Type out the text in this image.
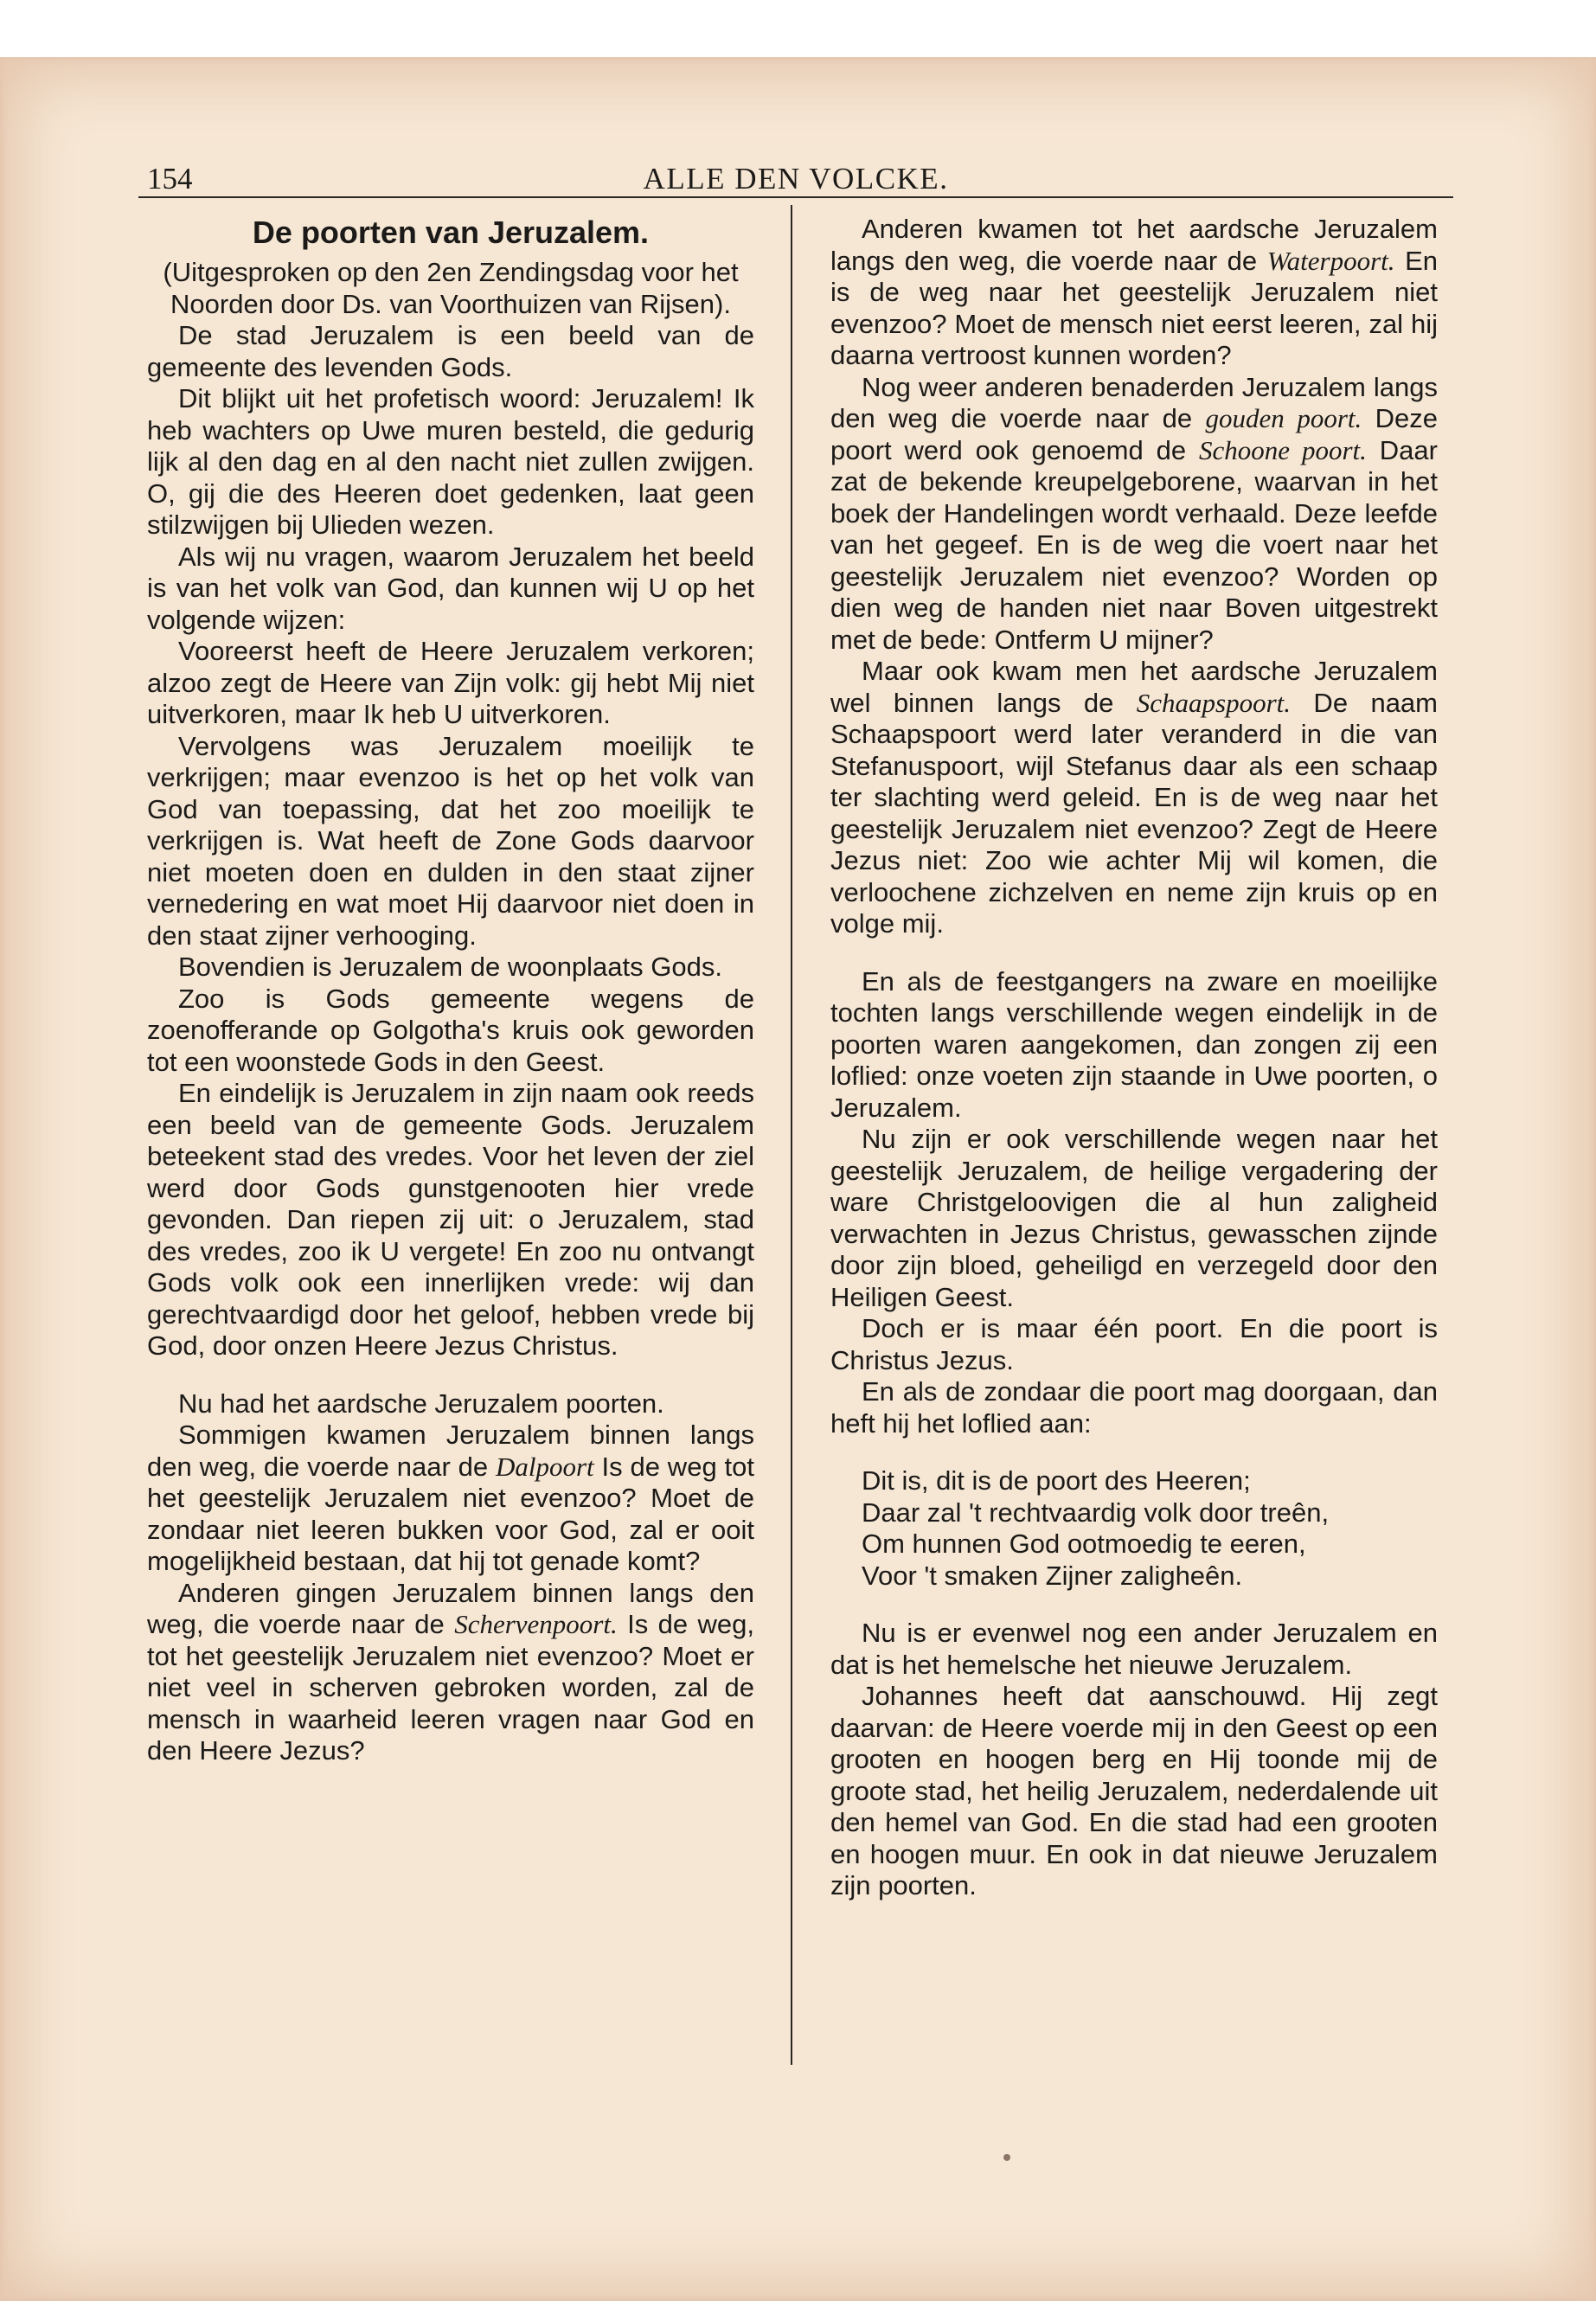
154	ALLE DEN VOLCKE.
De poorten van Jeruzalem.

(Uitgesproken op den 2en Zendingsdag voor het Noorden door Ds. van Voorthuizen van Rijsen).

De stad Jeruzalem is een beeld van de gemeente des levenden Gods.

Dit blijkt uit het profetisch woord: Jeruzalem! Ik heb wachters op Uwe muren besteld, die gedurig lijk al den dag en al den nacht niet zullen zwijgen. O, gij die des Heeren doet gedenken, laat geen stilzwijgen bij Ulieden wezen.

Als wij nu vragen, waarom Jeruzalem het beeld is van het volk van God, dan kunnen wij U op het volgende wijzen:

Vooreerst heeft de Heere Jeruzalem verkoren; alzoo zegt de Heere van Zijn volk: gij hebt Mij niet uitverkoren, maar Ik heb U uitverkoren.

Vervolgens was Jeruzalem moeilijk te verkrijgen; maar evenzoo is het op het volk van God van toepassing, dat het zoo moeilijk te verkrijgen is. Wat heeft de Zone Gods daarvoor niet moeten doen en dulden in den staat zijner vernedering en wat moet Hij daarvoor niet doen in den staat zijner verhooging.

Bovendien is Jeruzalem de woonplaats Gods.

Zoo is Gods gemeente wegens de zoenofferande op Golgotha's kruis ook geworden tot een woonstede Gods in den Geest.

En eindelijk is Jeruzalem in zijn naam ook reeds een beeld van de gemeente Gods. Jeruzalem beteekent stad des vredes. Voor het leven der ziel werd door Gods gunstgenooten hier vrede gevonden. Dan riepen zij uit: o Jeruzalem, stad des vredes, zoo ik U vergete! En zoo nu ontvangt Gods volk ook een innerlijken vrede: wij dan gerechtvaardigd door het geloof, hebben vrede bij God, door onzen Heere Jezus Christus.

Nu had het aardsche Jeruzalem poorten.

Sommigen kwamen Jeruzalem binnen langs den weg, die voerde naar de Dalpoort Is de weg tot het geestelijk Jeruzalem niet evenzoo? Moet de zondaar niet leeren bukken voor God, zal er ooit mogelijkheid bestaan, dat hij tot genade komt?

Anderen gingen Jeruzalem binnen langs den weg, die voerde naar de Schervenpoort. Is de weg, tot het geestelijk Jeruzalem niet evenzoo? Moet er niet veel in scherven gebroken worden, zal de mensch in waarheid leeren vragen naar God en den Heere Jezus?

Anderen kwamen tot het aardsche Jeruzalem langs den weg, die voerde naar de Waterpoort. En is de weg naar het geestelijk Jeruzalem niet evenzoo? Moet de mensch niet eerst leeren, zal hij daarna vertroost kunnen worden?

Nog weer anderen benaderden Jeruzalem langs den weg die voerde naar de gouden poort. Deze poort werd ook genoemd de Schoone poort. Daar zat de bekende kreupelgeborene, waarvan in het boek der Handelingen wordt verhaald. Deze leefde van het gegeef. En is de weg die voert naar het geestelijk Jeruzalem niet evenzoo? Worden op dien weg de handen niet naar Boven uitgestrekt met de bede: Ontferm U mijner?

Maar ook kwam men het aardsche Jeruzalem wel binnen langs de Schaapspoort. De naam Schaapspoort werd later veranderd in die van Stefanuspoort, wijl Stefanus daar als een schaap ter slachting werd geleid. En is de weg naar het geestelijk Jeruzalem niet evenzoo? Zegt de Heere Jezus niet: Zoo wie achter Mij wil komen, die verloochene zichzelven en neme zijn kruis op en volge mij.

En als de feestgangers na zware en moeilijke tochten langs verschillende wegen eindelijk in de poorten waren aangekomen, dan zongen zij een loflied: onze voeten zijn staande in Uwe poorten, o Jeruzalem.

Nu zijn er ook verschillende wegen naar het geestelijk Jeruzalem, de heilige vergadering der ware Christgeloovigen die al hun zaligheid verwachten in Jezus Christus, gewasschen zijnde door zijn bloed, geheiligd en verzegeld door den Heiligen Geest.

Doch er is maar één poort. En die poort is Christus Jezus.

En als de zondaar die poort mag doorgaan, dan heft hij het loflied aan:

Dit is, dit is de poort des Heeren;
Daar zal 't rechtvaardig volk door treên,
Om hunnen God ootmoedig te eeren,
Voor 't smaken Zijner zaligheên.

Nu is er evenwel nog een ander Jeruzalem en dat is het hemelsche het nieuwe Jeruzalem.

Johannes heeft dat aanschouwd. Hij zegt daarvan: de Heere voerde mij in den Geest op een grooten en hoogen berg en Hij toonde mij de groote stad, het heilig Jeruzalem, nederdalende uit den hemel van God. En die stad had een grooten en hoogen muur. En ook in dat nieuwe Jeruzalem zijn poorten.
